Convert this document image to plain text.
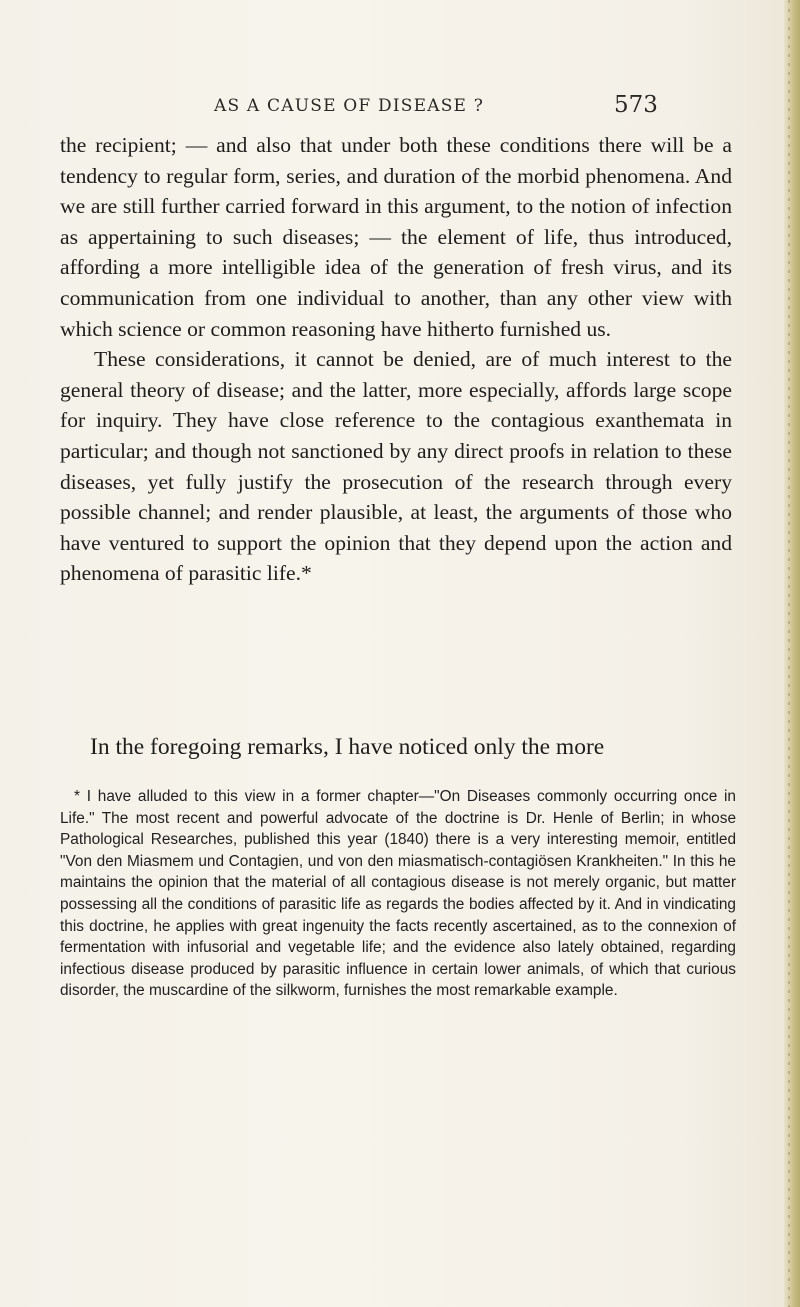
AS A CAUSE OF DISEASE ?	573

the recipient; — and also that under both these conditions there will be a tendency to regular form, series, and duration of the morbid phenomena. And we are still further carried forward in this argument, to the notion of infection as appertaining to such diseases; — the element of life, thus introduced, affording a more intelligible idea of the generation of fresh virus, and its communication from one individual to another, than any other view with which science or common reasoning have hitherto furnished us.

These considerations, it cannot be denied, are of much interest to the general theory of disease; and the latter, more especially, affords large scope for inquiry. They have close reference to the contagious exanthemata in particular; and though not sanctioned by any direct proofs in relation to these diseases, yet fully justify the prosecution of the research through every possible channel; and render plausible, at least, the arguments of those who have ventured to support the opinion that they depend upon the action and phenomena of parasitic life.*

In the foregoing remarks, I have noticed only the more
* I have alluded to this view in a former chapter—"On Diseases commonly occurring once in Life." The most recent and powerful advocate of the doctrine is Dr. Henle of Berlin; in whose Pathological Researches, published this year (1840) there is a very interesting memoir, entitled "Von den Miasmem und Contagien, und von den miasmatisch-contagiösen Krankheiten." In this he maintains the opinion that the material of all contagious disease is not merely organic, but matter possessing all the conditions of parasitic life as regards the bodies affected by it. And in vindicating this doctrine, he applies with great ingenuity the facts recently ascertained, as to the connexion of fermentation with infusorial and vegetable life; and the evidence also lately obtained, regarding infectious disease produced by parasitic influence in certain lower animals, of which that curious disorder, the muscardine of the silkworm, furnishes the most remarkable example.
